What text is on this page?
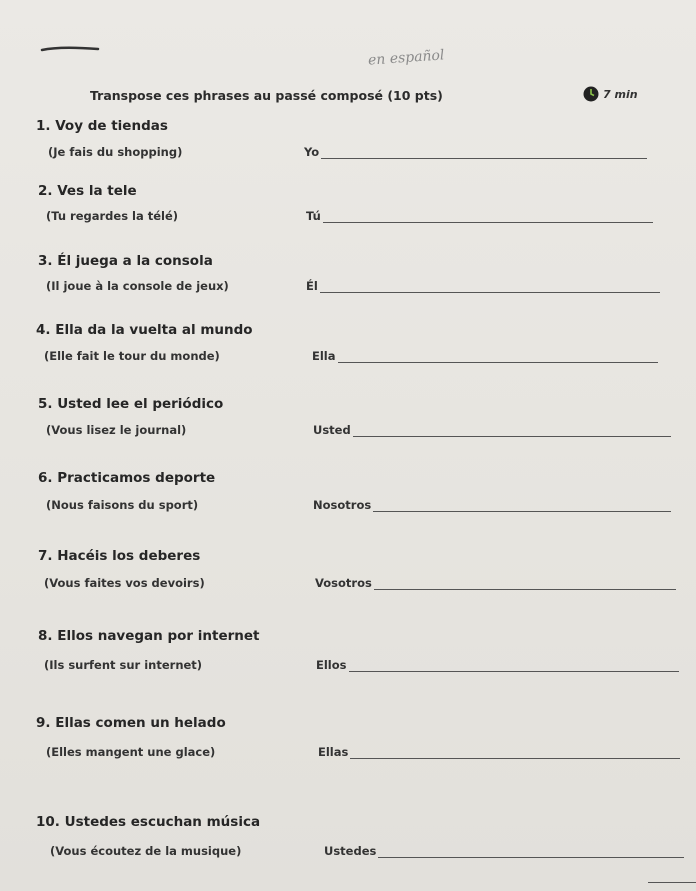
en español
Transpose ces phrases au passé composé (10 pts)	7 min
1. Voy de tiendas
(Je fais du shopping)	Yo
2. Ves la tele
(Tu regardes la télé)	Tú
3. Él juega a la consola
(Il joue à la console de jeux)	Él
4. Ella da la vuelta al mundo
(Elle fait le tour du monde)	Ella
5. Usted lee el periódico
(Vous lisez le journal)	Usted
6. Practicamos deporte
(Nous faisons du sport)	Nosotros
7. Hacéis los deberes
(Vous faites vos devoirs)	Vosotros
8. Ellos navegan por internet
(Ils surfent sur internet)	Ellos
9. Ellas comen un helado
(Elles mangent une glace)	Ellas
10. Ustedes escuchan música
(Vous écoutez de la musique)	Ustedes
